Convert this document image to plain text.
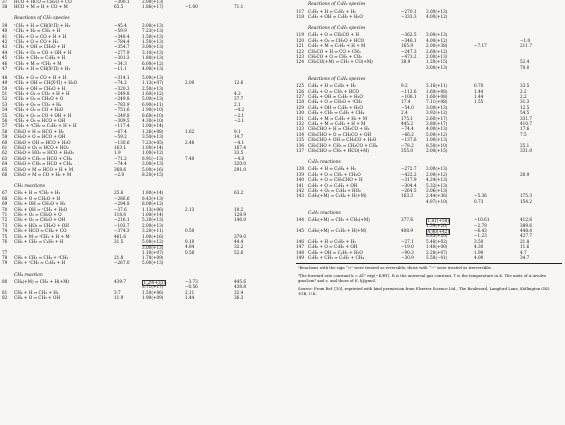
37 HCO + HCO ⇒ CH₂O + CO	−300.1	2.00(+13)
38 HCO + M ⇒ H + CO + M	65.5	1.86(+17)	−1.00	71.1
Reactions of CH₂ species
39 ¹CH₂ + H ⇒ CH(X²Π) + H₂	−45.4	3.00(+13)
40 ¹CH₂ + H₂ ⇒ CH₃ + H	−59.9	7.23(+13)
41 ¹CH₂ + O ⇒ CO + H + H	−348.4	1.50(+13)
42 ¹CH₂ + O ⇒ CO + H₂	−784.4	1.50(+13)
43 ¹CH₂ + OH ⇒ CH₂O + H	−354.7	3.00(+13)
44 ¹CH₂ + O₂ ⇒ CO + OH + H	−277.9	3.10(+13)
45 ¹CH₂ + CH₃ ⇒ C₂H₄ + H	−301.3	1.80(+13)
46 ¹CH₂ + M ⇒ ³CH₂ + M	−34.3	6.00(+12)
47 ³CH₂ + H ⇒ CH(X²Π) + H₂	−11.1	4.00(+13)
48 ³CH₂ + O ⇒ CO + H + H	−314.1	5.00(+13)
49 ³CH₂ + OH ⇒ CH(X²Π) + H₂O	−74.2	1.13(+07)	2.00	12.6
50 ³CH₂ + OH ⇒ CH₂O + H	−320.3	2.50(+13)
51 ³CH₂ + O₂ ⇒ CO₂ + H + H	−249.8	1.60(+12)	4.2
52 ³CH₂ + O₂ ⇒ CH₂O + O	−249.8	5.00(+13)	37.7
53 ³CH₂ + O₂ ⇒ CO₂ + H₂	−783.9	6.90(+11)	2.1
54 ³CH₂ + O₂ ⇒ CO + H₂O	−751.6	1.90(+10)	−4.2
55 ³CH₂ + O₂ ⇒ CO + OH + H	−249.8	8.60(+10)	−2.1
56 ³CH₂ + O₂ ⇒ HCO + OH	−309.5	4.30(+10)	−2.1
57 ³CH₂ + ³CH₂ ⇒ C₂H₂ + H + H	−117.4	1.00(+14)
58 CH₂O + H ⇒ HCO + H₂	−67.4	1.26(+08)	1.62	9.1
59 CH₂O + O ⇒ HCO + OH	−59.2	3.50(+13)	14.7
60 CH₂O + OH ⇒ HCO + H₂O	−130.6	7.23(+05)	2.46	−4.1
61 CH₂O + O₂ ⇒ HCO + HO₂	163.1	1.00(+14)	167.4
62 CH₂O + HO₂ ⇒ HCO + H₂O₂	1.9	1.00(+12)	33.5
63 CH₂O + CH₃ ⇒ HCO + CH₄	−71.2	8.91(−13)	7.40	−4.0
64 CH₂O + CH₃ ⇒ HCO + CH₄	−74.4	3.00(+13)	320.0
65 CH₂O + M ⇒ HCO + H + M	368.6	5.00(+16)	291.0
66 CH₂O + M ⇒ CO + H₂ + M	−2.0	8.20(+15)
CH₃ reactions
67 CH₃ + H ⇒ ³CH₂ + H₂	25.6	1.80(+14)	63.2
68 CH₃ + O ⇒ CH₂O + H	−286.6	8.43(+13)
69 CH₃ + OH ⇒ CH₂O + H₂	−294.8	8.00(+12)
70 CH₃ + OH ⇒ ¹CH₂ + H₂O	−37.6	1.13(+06)	2.13	10.2
71 CH₃ + O₂ ⇒ CH₂O + O	118.6	1.00(+14)	128.9
72 CH₃ + O₂ ⇒ CH₂O + OH	−216.1	5.20(+13)	146.0
73 CH₃ + HO₂ ⇒ CH₃O + OH	−103.7	2.00(+13)
74 CH₃ + HCO ⇒ CH₄ + CO	−374.3	3.20(+11)	0.50
75 CH₃ + M ⇒ ³CH₂ + H + M	461.6	1.00(+16)	379.0
76 CH₃ + CH₃ ⇒ C₂H₅ + H	31.5	5.00(+12)	0.10	44.4
3.00(+13)	4.84	32.2
77	1.10(+07)	0.56	52.6
78 CH₃ + CH₃ ⇒ CH₄ + ³CH₂	21.8	1.70(+09)
79 CH₃ + ¹CH₂ ⇒ C₂H₄ + H	−267.0	5.00(+13)
CH₄ reaction
80 CH₄(+M) ⇒ CH₃ + H(+M)	439.7	1.29(+33)	−3.73	445.6
3.71(+17)	−0.56	438.8
81 CH₄ + H ⇒ CH₃ + H₂	3.7	1.50(+06)	2.11	32.4
82 CH₄ + O ⇒ CH₃ + OH	11.9	1.90(+09)	1.44	36.3
Reactions of C₂H₂ species
117 C₂H₃ + H ⇒ C₂H₂ + H₂	−270.1 3.00(+13)
118 C₂H₃ + OH ⇒ C₂H₂ + H₂O	−333.3 4.00(+12)
Reactions of C₂H₃ species
119 C₂H₃ + O ⇒ CH₂CO + H	−362.5 3.00(+13)
120 C₂H₃ + O₂ ⇒ CH₂O + HCO	−346.1 4.00(+12)	−1.0
121 C₂H₃ + M ⇒ C₂H₂ + H + M	165.9	2.00(+38)	−7.17	211.7
122 CH₂CO + H ⇒ CO + CH₃	−247.3 2.60(+12)
123 CH₂CO + O ⇒ CH₂ + CO₂	−473.2 2.00(+13)
124 CH₂CO(+M) ⇒ CH₂ + CO(+M)	38.9	1.20(+15)	52.4
3.00(+13)	70.0
Reactions of C₂H₄ species
125 C₂H₄ + H ⇒ C₂H₃ + H₂	9.2	5.16(+11)	0.70	33.5
126 C₂H₄ + O ⇒ CH₃ + HCO	−112.6 1.60(+08)	1.44	2.2
127 C₂H₄ + OH ⇒ C₂H₃ + H₂O	−106.1 1.60(+08)	1.44	2.2
128 C₂H₄ + O ⇒ CH₂O + ³CH₂	17.4	7.11(+08)	1.55	31.3
129 C₂H₄ + OH ⇒ C₂H₃ + H₂O	−54.0	3.00(+13)	12.5
130 C₂H₄ + CH₃ ⇒ C₂H₃ + CH₄	2.4	3.92(+12)	54.5
131 C₂H₄ + M ⇒ C₂H₂ + H₂ + M	175.1	2.60(+17)	331.7
132 C₂H₄ + M ⇒ C₂H₃ + H + M	445.2	3.80(+17)	410.7
133 CH₃CHO + H ⇒ CH₃CO + H₂	−74.4	4.00(+13)	17.6
134 CH₃CHO + O ⇒ CH₃CO + OH	−66.2	5.00(+12)	7.5
135 CH₃CHO + OH ⇒ CH₃CO + H₂O	−137.6 1.00(+13)
136 CH₃CHO + CH₃ ⇒ CH₃CO + CH₄	−78.2	8.50(+10)	25.1
137 CH₃CHO ⇒ CH₃ + HCO(+M)	355.0	2.00(+15)	331.0
C₂H₅ reactions
138 C₂H₅ + H ⇒ C₂H₄ + H₂	−272.7 3.00(+13)
139 C₂H₅ + O ⇒ CH₃ + CH₂O	−422.2 2.00(+12)	20.9
140 C₂H₅ + O ⇒ CH₃CHO + H	−317.9 4.24(+13)
141 C₂H₅ + O ⇒ C₂H₄ + OH	−304.4 5.32(+13)
142 C₂H₅ + O₂ ⇒ C₂H₄ + HO₂	−264.5 3.06(+13)
143 C₂H₅(+M) ⇒ C₂H₄ + H(+M)	163.3	2.44(+36)	−5.36	175.3
4.97(+10)	0.73	154.2
C₂H₆ reactions
144 C₂H₆(+M) ⇒ CH₃ + CH₃(+M)	377.6	1.81(+58)	−10.61	412.6
1.59(+26)	−2.79	389.6
145 C₂H₆(+M) ⇒ C₂H₅ + H(+M)	408.9	4.90(+42)	−6.43	448.4
8.85(+20)	−1.23	427.7
146 C₂H₆ + H ⇒ C₂H₅ + H₂	−27.1	5.40(+02)	3.50	21.8
147 C₂H₆ + O ⇒ C₂H₅ + OH	−19.0	1.40(+00)	4.30	11.6
148 C₂H₆ + OH ⇒ C₂H₅ + H₂O	−90.3	2.20(+07)	1.90	4.7
149 C₂H₆ + CH₃ ⇒ C₂H₅ + CH₄	−30.9	5.50(−01)	4.00	34.7

ᵃReactions with the sign “⇒” were treated as reversible; those with “→” were treated as irreversible.

ᵇThe forward rate constant k = ATⁿ exp(−E/RT). R is the universal gas constant, T is the temperature in K. The units of A involve gmol/cm³ and s, and those of E, kJ/gmol.

Source: From Ref. [10], reprinted with kind permission from Elsevier Science Ltd., The Boulevard, Langford Lane, Kidlington OX5 1GB, U.K.
